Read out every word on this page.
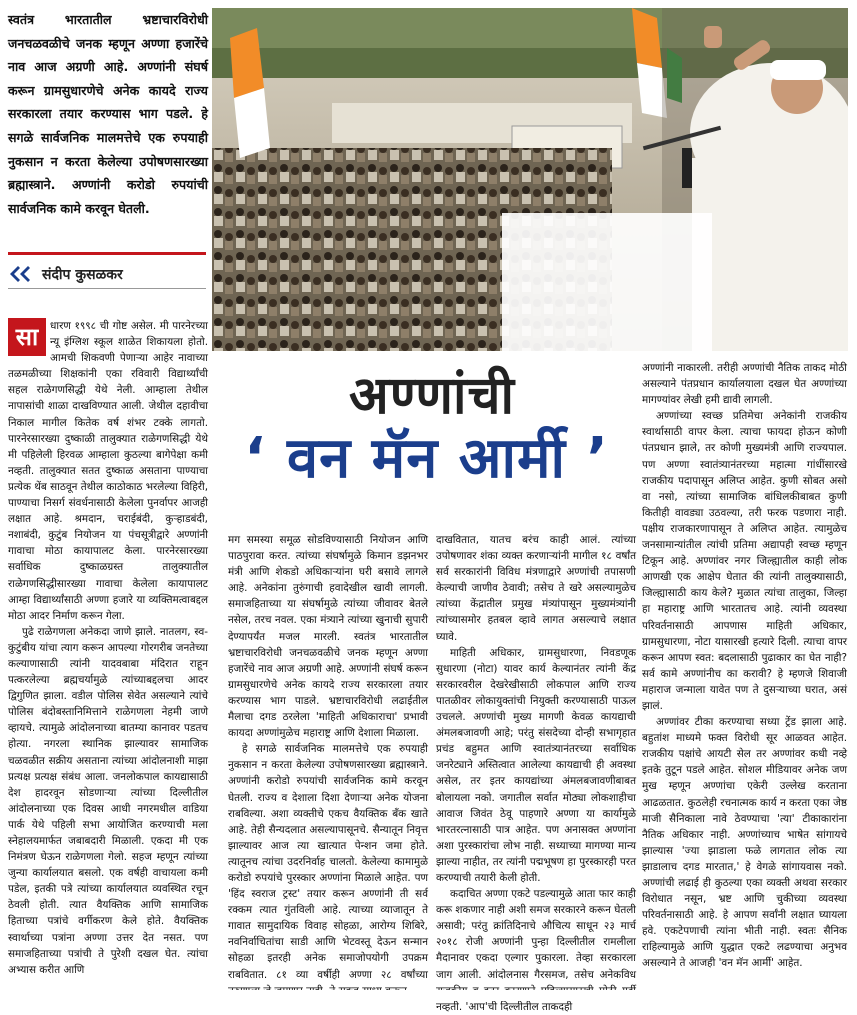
स्वतंत्र भारतातील भ्रष्टाचारविरोधी जनचळवळीचे जनक म्हणून अण्णा हजारेंचे नाव आज अग्रणी आहे. अण्णांनी संघर्ष करून ग्रामसुधारणेचे अनेक कायदे राज्य सरकारला तयार करण्यास भाग पडले. हे सगळे सार्वजनिक मालमत्तेचे एक रुपयाही नुकसान न करता केलेल्या उपोषणसारख्या ब्रह्मास्त्राने. अण्णांनी करोडो रुपयांची सार्वजनिक कामे करवून घेतली.

संदीप कुसळकर
अण्णांची
‘ वन मॅन आर्मी ’
सा	धारण १९९८ ची गोष्ट असेल. मी पारनेरच्या न्यू इंग्लिश स्कूल शाळेत शिकायला होतो. आमची शिकवणी पेणाऱ्या आहेर नावाच्या तळमळीच्या शिक्षकांनी एका रविवारी विद्यार्थ्यांची सहल राळेगणसिद्धी येथे नेली. आम्हाला तेथील नापासांची शाळा दाखविण्यात आली. जेथील दहावीचा निकाल मागील कितेक वर्ष शंभर टक्के लागतो. पारनेरसारख्या दुष्काळी तालुक्यात राळेगणसिद्धी येथे मी पहिलेली हिरवळ आम्हाला कुठल्या बागेपेक्षा कमी नव्हती. तालुक्यात सतत दुष्काळ असताना पाण्याचा प्रत्येक थेंब साठवून तेथील काठोकाठ भरलेल्या विहिरी, पाण्याचा निसर्ग संवर्धनासाठी केलेला पुनर्वापर आजही लक्षात आहे. श्रमदान, चराईबंदी, कुऱ्हाडबंदी, नशाबंदी, कुटुंब नियोजन या पंचसूत्रीद्वारे अण्णांनी गावाचा मोठा कायापालट केला. पारनेरसारख्या सर्वाधिक दुष्काळग्रस्त तालुक्यातील राळेगणसिद्धीसारख्या गावाचा केलेला कायापालट आम्हा विद्यार्थ्यांसाठी अण्णा हजारे या व्यक्तिमत्वाबद्दल मोठा आदर निर्माण करून गेला.

पुढे राळेगणला अनेकदा जाणे झाले. नातलग, स्व-कुटुंबीय यांचा त्याग करून आपल्या गोरगरीब जनतेच्या कल्याणासाठी त्यांनी यादवबाबा मंदिरात राहून पत्करलेल्या ब्रह्मचर्यामुळे त्यांच्याबद्दलचा आदर द्विगुणित झाला. वडील पोलिस सेवेत असल्याने त्यांचे पोलिस बंदोबस्तानिमित्ताने राळेगणला नेहमी जाणे व्हायचे. त्यामुळे आंदोलनाच्या बातम्या कानावर पडतच होत्या. नगरला स्थानिक झाल्यावर सामाजिक चळवळीत सक्रीय असताना त्यांच्या आंदोलनाशी माझा प्रत्यक्ष प्रत्यक्ष संबंध आला. जनलोकपाल कायद्यासाठी देश हादरवून सोडणाऱ्या त्यांच्या दिल्लीतील आंदोलनाच्या एक दिवस आधी नगरमधील वाडिया पार्क येथे पहिली सभा आयोजित करण्याची मला स्नेहालयमार्फत जबाबदारी मिळाली. एकदा मी एक निमंत्रण घेऊन राळेगणला गेलो. सहज म्हणून त्यांच्या जुन्या कार्यालयात बसलो. एक वर्षही वाचायला कमी पडेल, इतकी पत्रे त्यांच्या कार्यालयात व्यवस्थित रचून ठेवली होती. त्यात वैयक्तिक आणि सामाजिक हिताच्या पत्रांचे वर्गीकरण केले होते. वैयक्तिक स्वार्थाच्या पत्रांना अण्णा उत्तर देत नसत. पण समाजहिताच्या पत्रांची ते पुरेशी दखल घेत. त्यांचा अभ्यास करीत आणि

मग समस्या समूळ सोडविण्यासाठी नियोजन आणि पाठपुरावा करत. त्यांच्या संघर्षामुळे किमान डझनभर मंत्री आणि शेकडो अधिकाऱ्यांना घरी बसावे लागले आहे. अनेकांना तुरुंगाची हवादेखील खावी लागली. समाजहिताच्या या संघर्षामुळे त्यांच्या जीवावर बेतले नसेल, तरच नवल. एका मंत्र्याने त्यांच्या खुनाची सुपारी देण्यापर्यंत मजल मारली. स्वतंत्र भारतातील भ्रष्टाचारविरोधी जनचळवळीचे जनक म्हणून अण्णा हजारेंचे नाव आज अग्रणी आहे. अण्णांनी संघर्ष करून ग्रामसुधारणेचे अनेक कायदे राज्य सरकारला तयार करण्यास भाग पाडले. भ्रष्टाचारविरोधी लढाईतील मैलाचा दगड ठरलेला 'माहिती अधिकाराचा' प्रभावी कायदा अण्णांमुळेच महाराष्ट्र आणि देशाला मिळाला.

हे सगळे सार्वजनिक मालमत्तेचे एक रुपयाही नुकसान न करता केलेल्या उपोषणसारख्या ब्रह्मास्त्राने. अण्णांनी करोडो रुपयांची सार्वजनिक कामे करवून घेतली. राज्य व देशाला दिशा देणाऱ्या अनेक योजना राबविल्या. अशा व्यक्तीचे एकच वैयक्तिक बँक खाते आहे. तेही सैन्यदलात असल्यापासूनचे. सैन्यातून निवृत्त झाल्यावर आज त्या खात्यात पेन्शन जमा होते. त्यातूनच त्यांचा उदरनिर्वाह चालतो. केलेल्या कामामुळे करोडो रुपयांचे पुरस्कार अण्णांना मिळाले आहेत. पण 'हिंद स्वराज ट्रस्ट' तयार करून अण्णांनी ती सर्व रक्कम त्यात गुंतविली आहे. त्याच्या व्याजातून ते गावात सामुदायिक विवाह सोहळा, आरोग्य शिबिरे, नवनिर्वाचितांचा साडी आणि भेटवस्तू देऊन सन्मान सोहळा इतरही अनेक समाजोपयोगी उपक्रम राबवितात. ८१ व्या वर्षीही अण्णा २८ वर्षांच्या

दाखवितात, यातच बरंच काही आलं. त्यांच्या उपोषणावर शंका व्यक्त करणाऱ्यांनी मागील १८ वर्षांत सर्व सरकारांनी विविध मंत्रणाद्वारे अण्णांची तपासणी केल्याची जाणीव ठेवावी; तसेच ते खरे असल्यामुळेच त्यांच्या केंद्रातील प्रमुख मंत्र्यांपासून मुख्यमंत्र्यांनी त्यांच्यासमोर हतबल व्हावे लागत असल्याचे लक्षात घ्यावे.

माहिती अधिकार, ग्रामसुधारणा, निवडणूक सुधारणा (नोटा) यावर कार्य केल्यानंतर त्यांनी केंद्र सरकारवरील देखरेखीसाठी लोकपाल आणि राज्य पातळीवर लोकायुक्तांची नियुक्ती करण्यासाठी पाऊल उचलले. अण्णांची मुख्य मागणी केवळ कायद्याची अंमलबजावणी आहे; परंतु संसदेच्या दोन्ही सभागृहात प्रचंड बहुमत आणि स्वातंत्र्यानंतरच्या सर्वाधिक जनरेट्याने अस्तित्वात आलेल्या कायद्याची ही अवस्था असेल, तर इतर कायद्यांच्या अंमलबजावणीबाबत बोलायला नको. जगातील सर्वात मोठ्या लोकशाहीचा आवाज जिवंत ठेवू पाहणारे अण्णा या कार्यामुळे भारतरत्नासाठी पात्र आहेत. पण अनासक्त अण्णांना अशा पुरस्कारांचा लोभ नाही. सध्याच्या मागण्या मान्य झाल्या नाहीत, तर त्यांनी पद्मभूषण हा पुरस्कारही परत करण्याची तयारी केली होती.

कदाचित अण्णा एकटे पडल्यामुळे आता फार काही करू शकणार नाही अशी समज सरकारने करून घेतली असावी; परंतु क्रांतिदिनाचे औचित्य साधून २३ मार्च २०१८ रोजी अण्णांनी पुन्हा दिल्लीतील रामलीला मैदानावर एकदा एल्गार पुकारला. तेव्हा सरकारला जाग आली. आंदोलनास गैरसमज, तसेच अनेकविध नव्हती. 'आप'ची दिल्लीतील ताकदही

अण्णांनी नाकारली. तरीही अण्णांची नैतिक ताकद मोठी असल्याने पंतप्रधान कार्यालयाला दखल घेत अण्णांच्या मागण्यांवर लेखी हमी द्यावी लागली.

अण्णांच्या स्वच्छ प्रतिमेचा अनेकांनी राजकीय स्वार्थासाठी वापर केला. त्याचा फायदा होऊन कोणी पंतप्रधान झाले, तर कोणी मुख्यमंत्री आणि राज्यपाल. पण अण्णा स्वातंत्र्यानंतरच्या महात्मा गांधींसारखे राजकीय पदापासून अलिप्त आहेत. कुणी सोबत असो वा नसो, त्यांच्या सामाजिक बांधिलकीबाबत कुणी कितीही वावड्या उठवल्या, तरी फरक पडणारा नाही. पक्षीय राजकारणापासून ते अलिप्त आहेत. त्यामुळेच जनसामान्यांतील त्यांची प्रतिमा अद्यापही स्वच्छ म्हणून टिकून आहे. अण्णांवर नगर जिल्ह्यातील काही लोक आणखी एक आक्षेप घेतात की त्यांनी तालुक्यासाठी, जिल्ह्यासाठी काय केले? मुळात त्यांचा तालुका, जिल्हा हा महाराष्ट्र आणि भारतातच आहे. त्यांनी व्यवस्था परिवर्तनासाठी आपणास माहिती अधिकार, ग्रामसुधारणा, नोटा यासारखी हत्यारे दिली. त्याचा वापर करून आपण स्वत: बदलासाठी पुढाकार का घेत नाही? सर्व कामे अण्णांनीच का करावी? हे म्हणजे शिवाजी महाराज जन्माला यावेत पण ते दुसऱ्याच्या घरात, असं झालं.

अण्णांवर टीका करण्याचा सध्या ट्रेंड झाला आहे. बहुतांश माध्यमे फक्त विरोधी सूर आळवत आहेत. राजकीय पक्षांचे आयटी सेल तर अण्णांवर कधी नव्हे इतके तुटून पडले आहेत. सोशल मीडियावर अनेक जण मुख म्हणून अण्णांचा एकेरी उल्लेख करताना आढळतात. कुठलेही रचनात्मक कार्य न करता एका जेष्ठ माजी सैनिकाला नावे ठेवण्याचा 'त्या' टीकाकारांना नैतिक अधिकार नाही. अण्णांच्याच भाषेत सांगायचे झाल्यास 'ज्या झाडाला फळे लागतात लोक त्या झाडालाच दगड मारतात,' हे वेगळे सांगायवास नको. अण्णांची लढाई ही कुठल्या एका व्यक्ती अथवा सरकार विरोधात नसून, भ्रष्ट आणि चुकीच्या व्यवस्था परिवर्तनासाठी आहे. हे आपण सर्वांनी लक्षात घ्यायला हवे. एकटेपणाची त्यांना भीती नाही. स्वतः सैनिक राहिल्यामुळे आणि युद्धात एकटे लढण्याचा अनुभव असल्याने ते आजही 'वन मॅन आर्मी' आहेत.
